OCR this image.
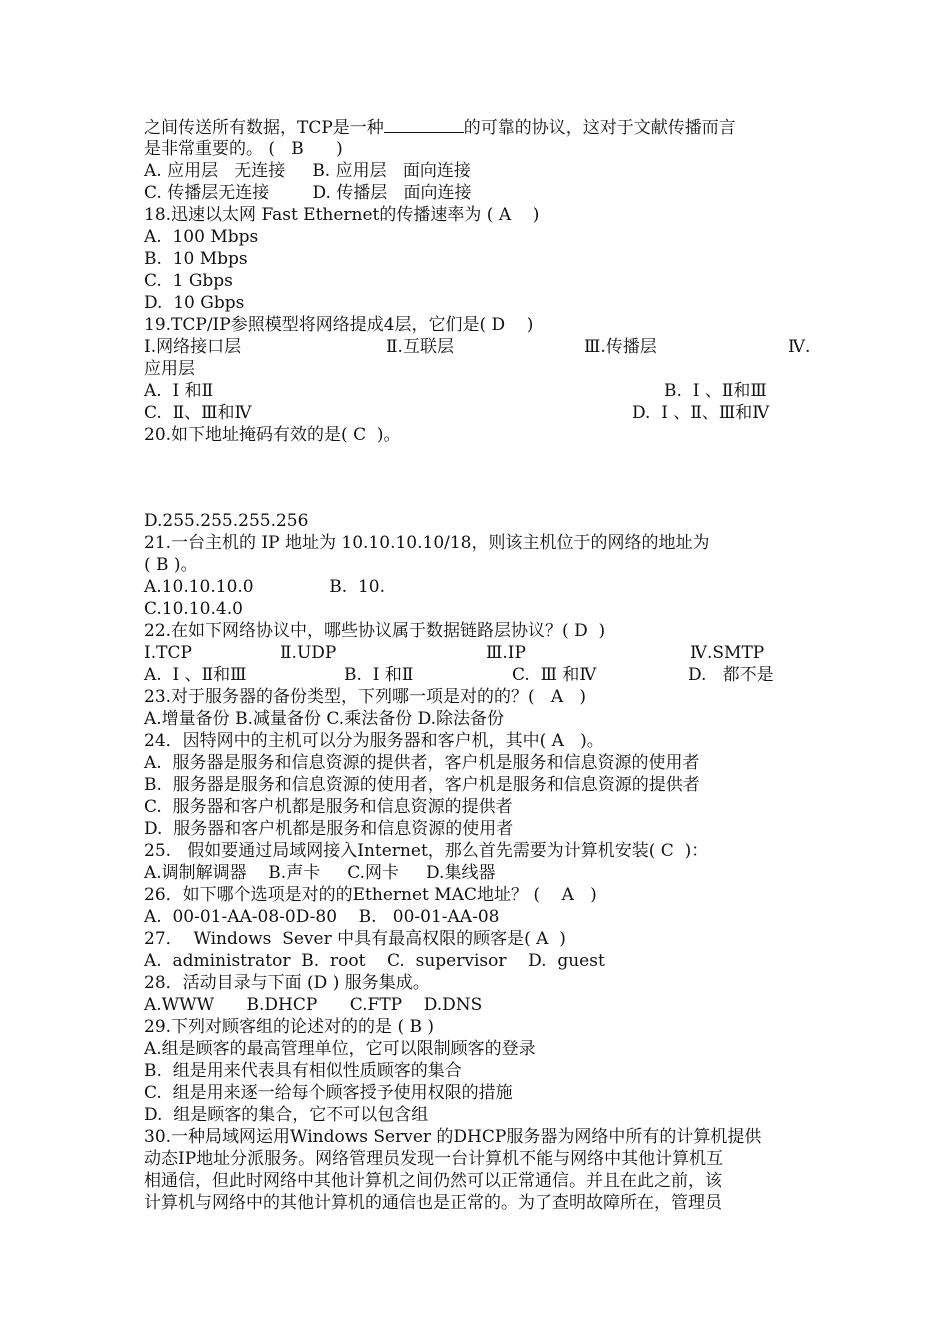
之间传送所有数据，TCP是一种	的可靠的协议，这对于文献传播而言
是非常重要的。 (   B      )
A. 应用层   无连接     B. 应用层   面向连接
C. 传播层无连接        D. 传播层   面向连接
18.迅速以太网 Fast Ethernet的传播速率为 ( A    )
A.  100 Mbps
B.  10 Mbps
C.  1 Gbps
D.  10 Gbps
19.TCP/IP参照模型将网络提成4层，它们是( D    )
Ⅰ.网络接口层	Ⅱ.互联层	Ⅲ.传播层	Ⅳ.
应用层
A.  Ⅰ 和Ⅱ	B.  Ⅰ 、Ⅱ和Ⅲ
C.  Ⅱ、Ⅲ和Ⅳ	D.  Ⅰ 、Ⅱ、Ⅲ和Ⅳ
20.如下地址掩码有效的是( C  )。
D.255.255.255.256
21.一台主机的 IP 地址为 10.10.10.10/18，则该主机位于的网络的地址为
( B )。
A.10.10.10.0              B.  10.
C.10.10.4.0
22.在如下网络协议中，哪些协议属于数据链路层协议？( D  )
Ⅰ.TCP	Ⅱ.UDP	Ⅲ.IP	Ⅳ.SMTP
A.  Ⅰ 、Ⅱ和Ⅲ	B.  Ⅰ 和Ⅱ	C.  Ⅲ 和Ⅳ	D.   都不是
23.对于服务器的备份类型，下列哪一项是对的的？(   A   )
A.增量备份 B.减量备份 C.乘法备份 D.除法备份
24．因特网中的主机可以分为服务器和客户机，其中( A   )。
A.  服务器是服务和信息资源的提供者，客户机是服务和信息资源的使用者
B.  服务器是服务和信息资源的使用者，客户机是服务和信息资源的提供者
C.  服务器和客户机都是服务和信息资源的提供者
D.  服务器和客户机都是服务和信息资源的使用者
25.   假如要通过局域网接入Internet，那么首先需要为计算机安装( C  )：
A.调制解调器    B.声卡     C.网卡     D.集线器
26．如下哪个选项是对的的Ethernet MAC地址？ (    A   )
A.  00-01-AA-08-0D-80    B.   00-01-AA-08
27．  Windows  Sever 中具有最高权限的顾客是( A  )
A.  administrator  B.  root    C.  supervisor    D.  guest
28．活动目录与下面 (D ) 服务集成。
A.WWW      B.DHCP      C.FTP    D.DNS
29.下列对顾客组的论述对的的是 ( B )
A.组是顾客的最高管理单位，它可以限制顾客的登录
B.  组是用来代表具有相似性质顾客的集合
C.  组是用来逐一给每个顾客授予使用权限的措施
D.  组是顾客的集合，它不可以包含组
30.一种局域网运用Windows Server 的DHCP服务器为网络中所有的计算机提供
动态IP地址分派服务。网络管理员发现一台计算机不能与网络中其他计算机互
相通信，但此时网络中其他计算机之间仍然可以正常通信。并且在此之前，该
计算机与网络中的其他计算机的通信也是正常的。为了查明故障所在，管理员
